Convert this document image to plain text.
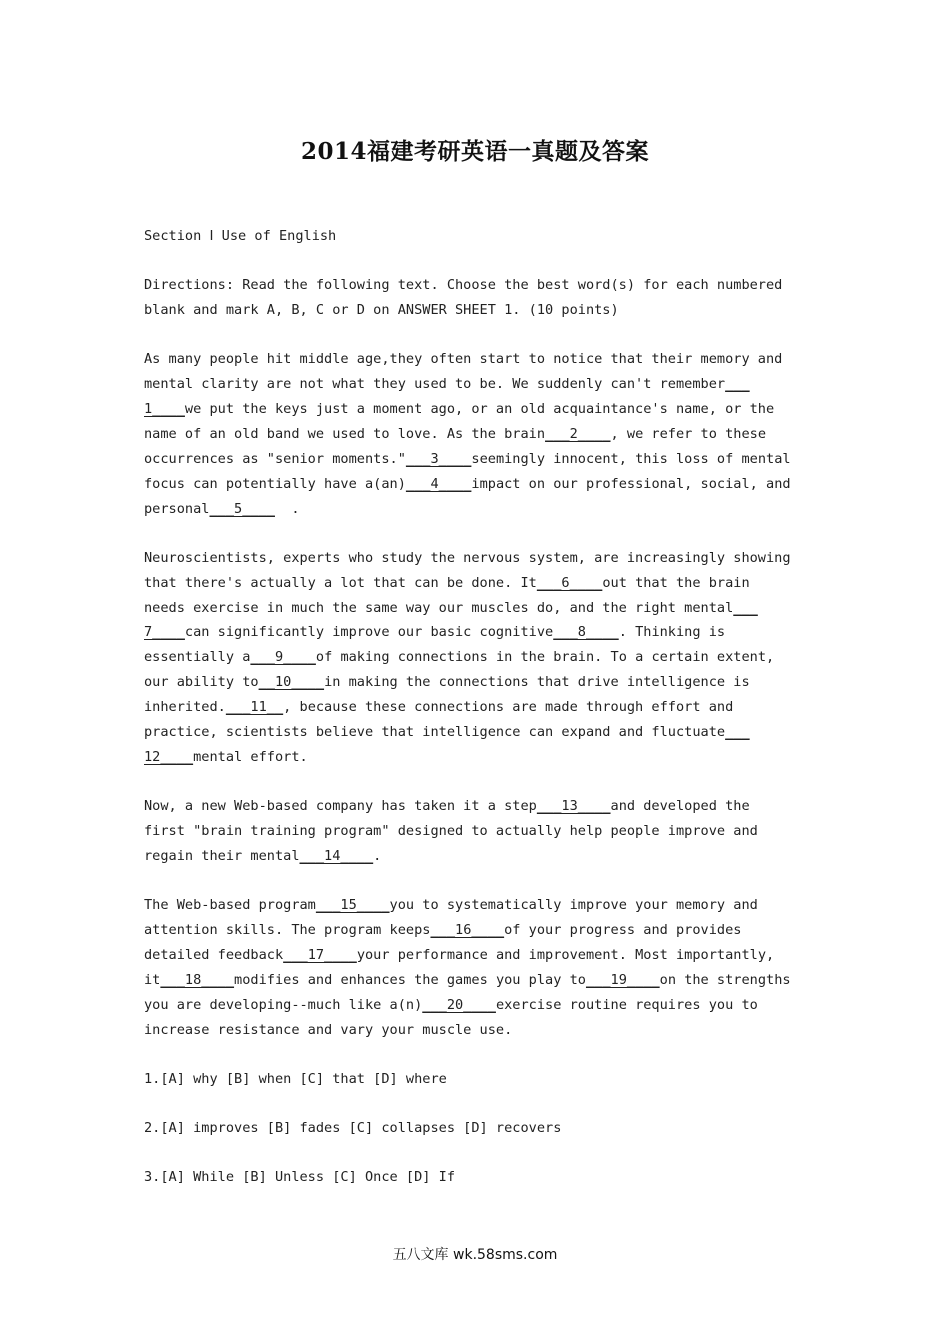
2014福建考研英语一真题及答案
Section Ⅰ Use of English
Directions: Read the following text. Choose the best word(s) for each numbered
blank and mark A, B, C or D on ANSWER SHEET 1. (10 points)
As many people hit middle age,they often start to notice that their memory and
mental clarity are not what they used to be. We suddenly can't remember___
1____we put the keys just a moment ago, or an old acquaintance's name, or the
name of an old band we used to love. As the brain___2____, we refer to these
occurrences as "senior moments."___3____seemingly innocent, this loss of mental
focus can potentially have a(an)___4____impact on our professional, social, and
personal___5____  .
Neuroscientists, experts who study the nervous system, are increasingly showing
that there's actually a lot that can be done. It___6____out that the brain
needs exercise in much the same way our muscles do, and the right mental___
7____can significantly improve our basic cognitive___8____. Thinking is
essentially a___9____of making connections in the brain. To a certain extent,
our ability to__10____in making the connections that drive intelligence is
inherited.___11__, because these connections are made through effort and
practice, scientists believe that intelligence can expand and fluctuate___
12____mental effort.
Now, a new Web-based company has taken it a step___13____and developed the
first "brain training program" designed to actually help people improve and
regain their mental___14____.
The Web-based program___15____you to systematically improve your memory and
attention skills. The program keeps___16____of your progress and provides
detailed feedback___17____your performance and improvement. Most importantly,
it___18____modifies and enhances the games you play to___19____on the strengths
you are developing--much like a(n)___20____exercise routine requires you to
increase resistance and vary your muscle use.
1.[A] why [B] when [C] that [D] where
2.[A] improves [B] fades [C] collapses [D] recovers
3.[A] While [B] Unless [C] Once [D] If
五八文库 wk.58sms.com
